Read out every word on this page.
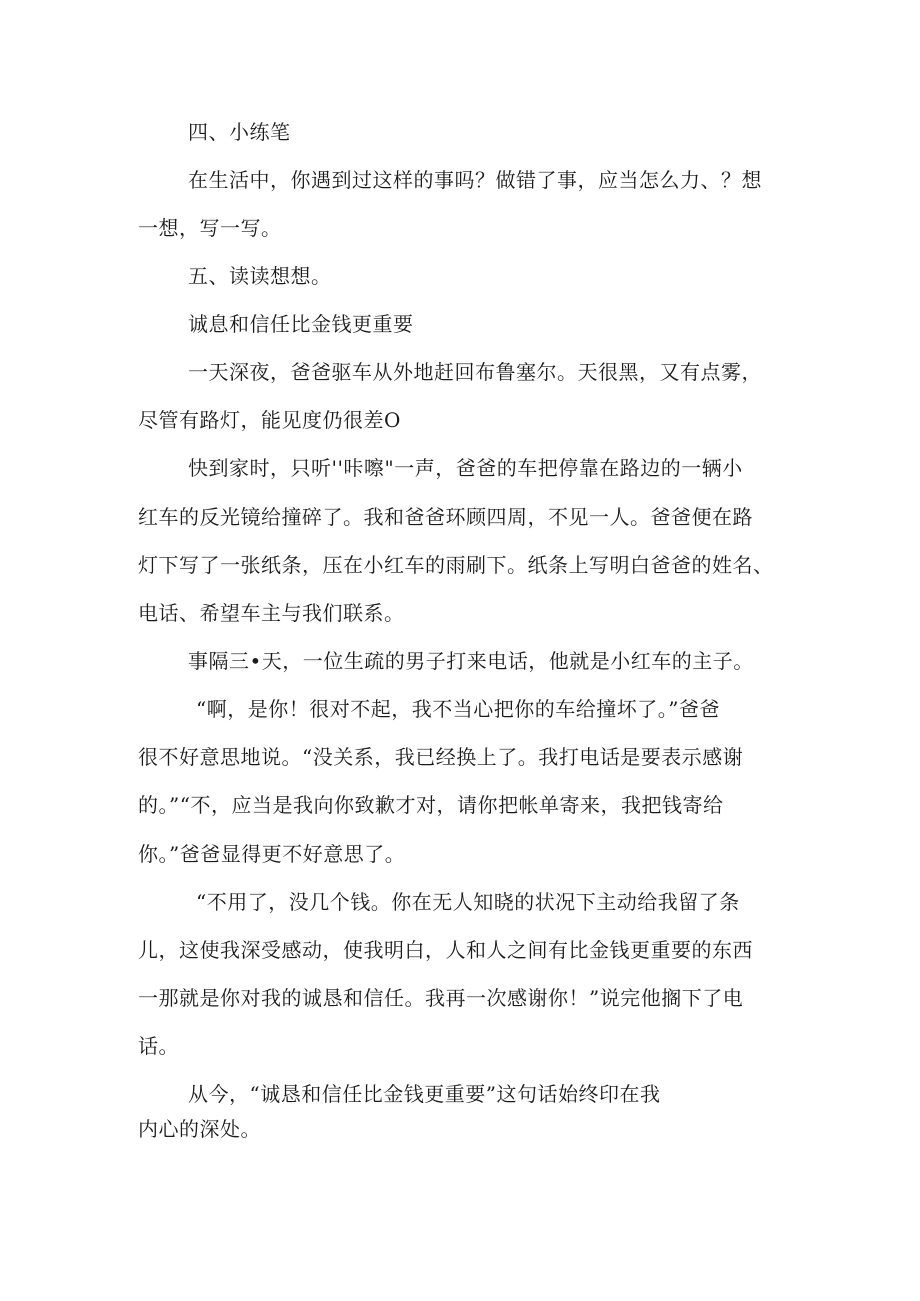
四、小练笔
在生活中，你遇到过这样的事吗？做错了事，应当怎么力、？想
一想，写一写。
五、读读想想。
诚息和信任比金钱更重要
一天深夜，爸爸驱车从外地赶回布鲁塞尔。天很黑，又有点雾，
尽管有路灯，能见度仍很差O
快到家时，只听''咔嚓"一声，爸爸的车把停靠在路边的一辆小
红车的反光镜给撞碎了。我和爸爸环顾四周，不见一人。爸爸便在路
灯下写了一张纸条，压在小红车的雨刷下。纸条上写明白爸爸的姓名、
电话、希望车主与我们联系。
事隔三•天，一位生疏的男子打来电话，他就是小红车的主子。
“啊，是你！很对不起，我不当心把你的车给撞坏了。”爸爸
很不好意思地说。“没关系，我已经换上了。我打电话是要表示感谢
的。”“不，应当是我向你致歉才对，请你把帐单寄来，我把钱寄给
你。”爸爸显得更不好意思了。
“不用了，没几个钱。你在无人知晓的状况下主动给我留了条
儿，这使我深受感动，使我明白，人和人之间有比金钱更重要的东西
一那就是你对我的诚恳和信任。我再一次感谢你！”说完他搁下了电
话。
从今，“诚恳和信任比金钱更重要”这句话始终印在我
内心的深处。
